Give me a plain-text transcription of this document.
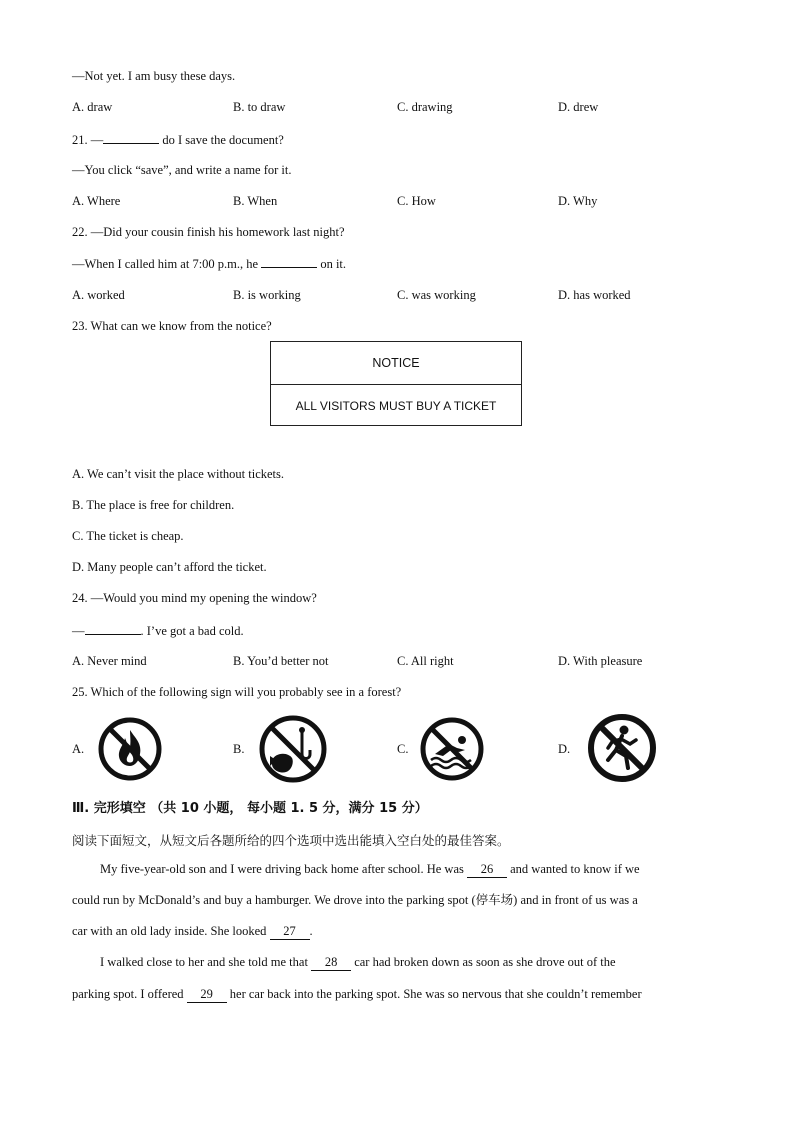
—Not yet. I am busy these days.
A. draw	B. to draw	C. drawing	D. drew
21. —	do I save the document?
—You click “save”, and write a name for it.
A. Where	B. When	C. How	D. Why
22. —Did your cousin finish his homework last night?
—When I called him at 7:00 p.m., he	on it.
A. worked	B. is working	C. was working	D. has worked
23. What can we know from the notice?
NOTICE
ALL VISITORS MUST BUY A TICKET
A. We can’t visit the place without tickets.
B. The place is free for children.
C. The ticket is cheap.
D. Many people can’t afford the ticket.
24. —Would you mind my opening the window?
—	. I’ve got a bad cold.
A. Never mind	B. You’d better not	C. All right	D. With pleasure
25. Which of the following sign will you probably see in a forest?
A.	B.	C.	D.
Ⅲ. 完形填空 （共 10 小题， 每小题 1. 5 分，满分 15 分）
阅读下面短文，从短文后各题所给的四个选项中选出能填入空白处的最佳答案。
My five-year-old son and I were driving back home after school. He was 26 and wanted to know if we
could run by McDonald’s and buy a hamburger. We drove into the parking spot (停车场) and in front of us was a
car with an old lady inside. She looked 27 .
I walked close to her and she told me that 28 car had broken down as soon as she drove out of the
parking spot. I offered 29 her car back into the parking spot. She was so nervous that she couldn’t remember
